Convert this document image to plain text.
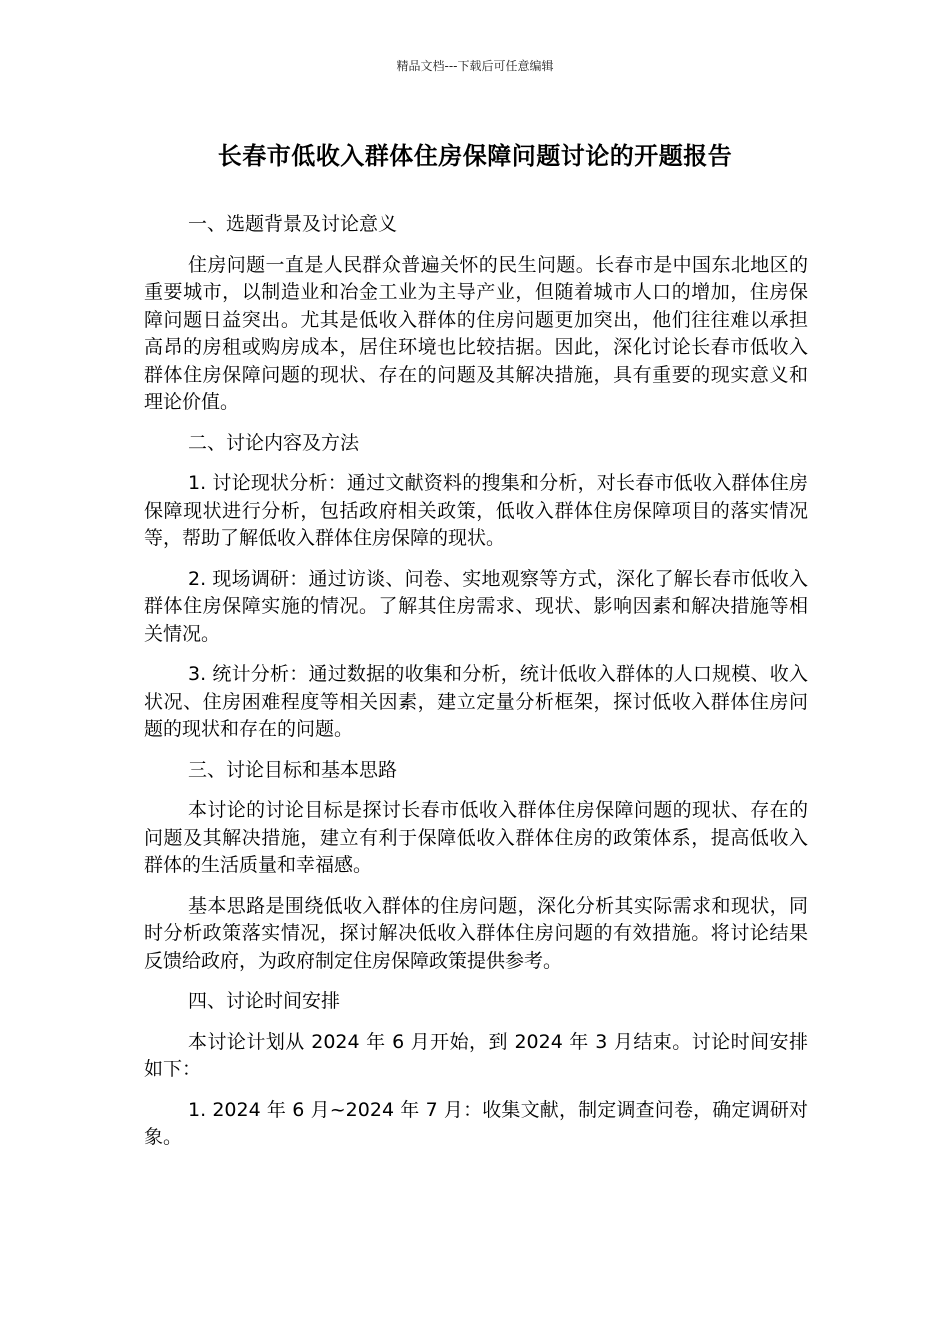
精品文档---下载后可任意编辑
长春市低收入群体住房保障问题讨论的开题报告

一、选题背景及讨论意义

住房问题一直是人民群众普遍关怀的民生问题。长春市是中国东北地区的重要城市，以制造业和冶金工业为主导产业，但随着城市人口的增加，住房保障问题日益突出。尤其是低收入群体的住房问题更加突出，他们往往难以承担高昂的房租或购房成本，居住环境也比较拮据。因此，深化讨论长春市低收入群体住房保障问题的现状、存在的问题及其解决措施，具有重要的现实意义和理论价值。

二、讨论内容及方法

1. 讨论现状分析：通过文献资料的搜集和分析，对长春市低收入群体住房保障现状进行分析，包括政府相关政策，低收入群体住房保障项目的落实情况等，帮助了解低收入群体住房保障的现状。

2. 现场调研：通过访谈、问卷、实地观察等方式，深化了解长春市低收入群体住房保障实施的情况。了解其住房需求、现状、影响因素和解决措施等相关情况。

3. 统计分析：通过数据的收集和分析，统计低收入群体的人口规模、收入状况、住房困难程度等相关因素，建立定量分析框架，探讨低收入群体住房问题的现状和存在的问题。

三、讨论目标和基本思路

本讨论的讨论目标是探讨长春市低收入群体住房保障问题的现状、存在的问题及其解决措施，建立有利于保障低收入群体住房的政策体系，提高低收入群体的生活质量和幸福感。

基本思路是围绕低收入群体的住房问题，深化分析其实际需求和现状，同时分析政策落实情况，探讨解决低收入群体住房问题的有效措施。将讨论结果反馈给政府，为政府制定住房保障政策提供参考。

四、讨论时间安排

本讨论计划从 2024 年 6 月开始，到 2024 年 3 月结束。讨论时间安排如下：

1. 2024 年 6 月~2024 年 7 月：收集文献，制定调查问卷，确定调研对象。
